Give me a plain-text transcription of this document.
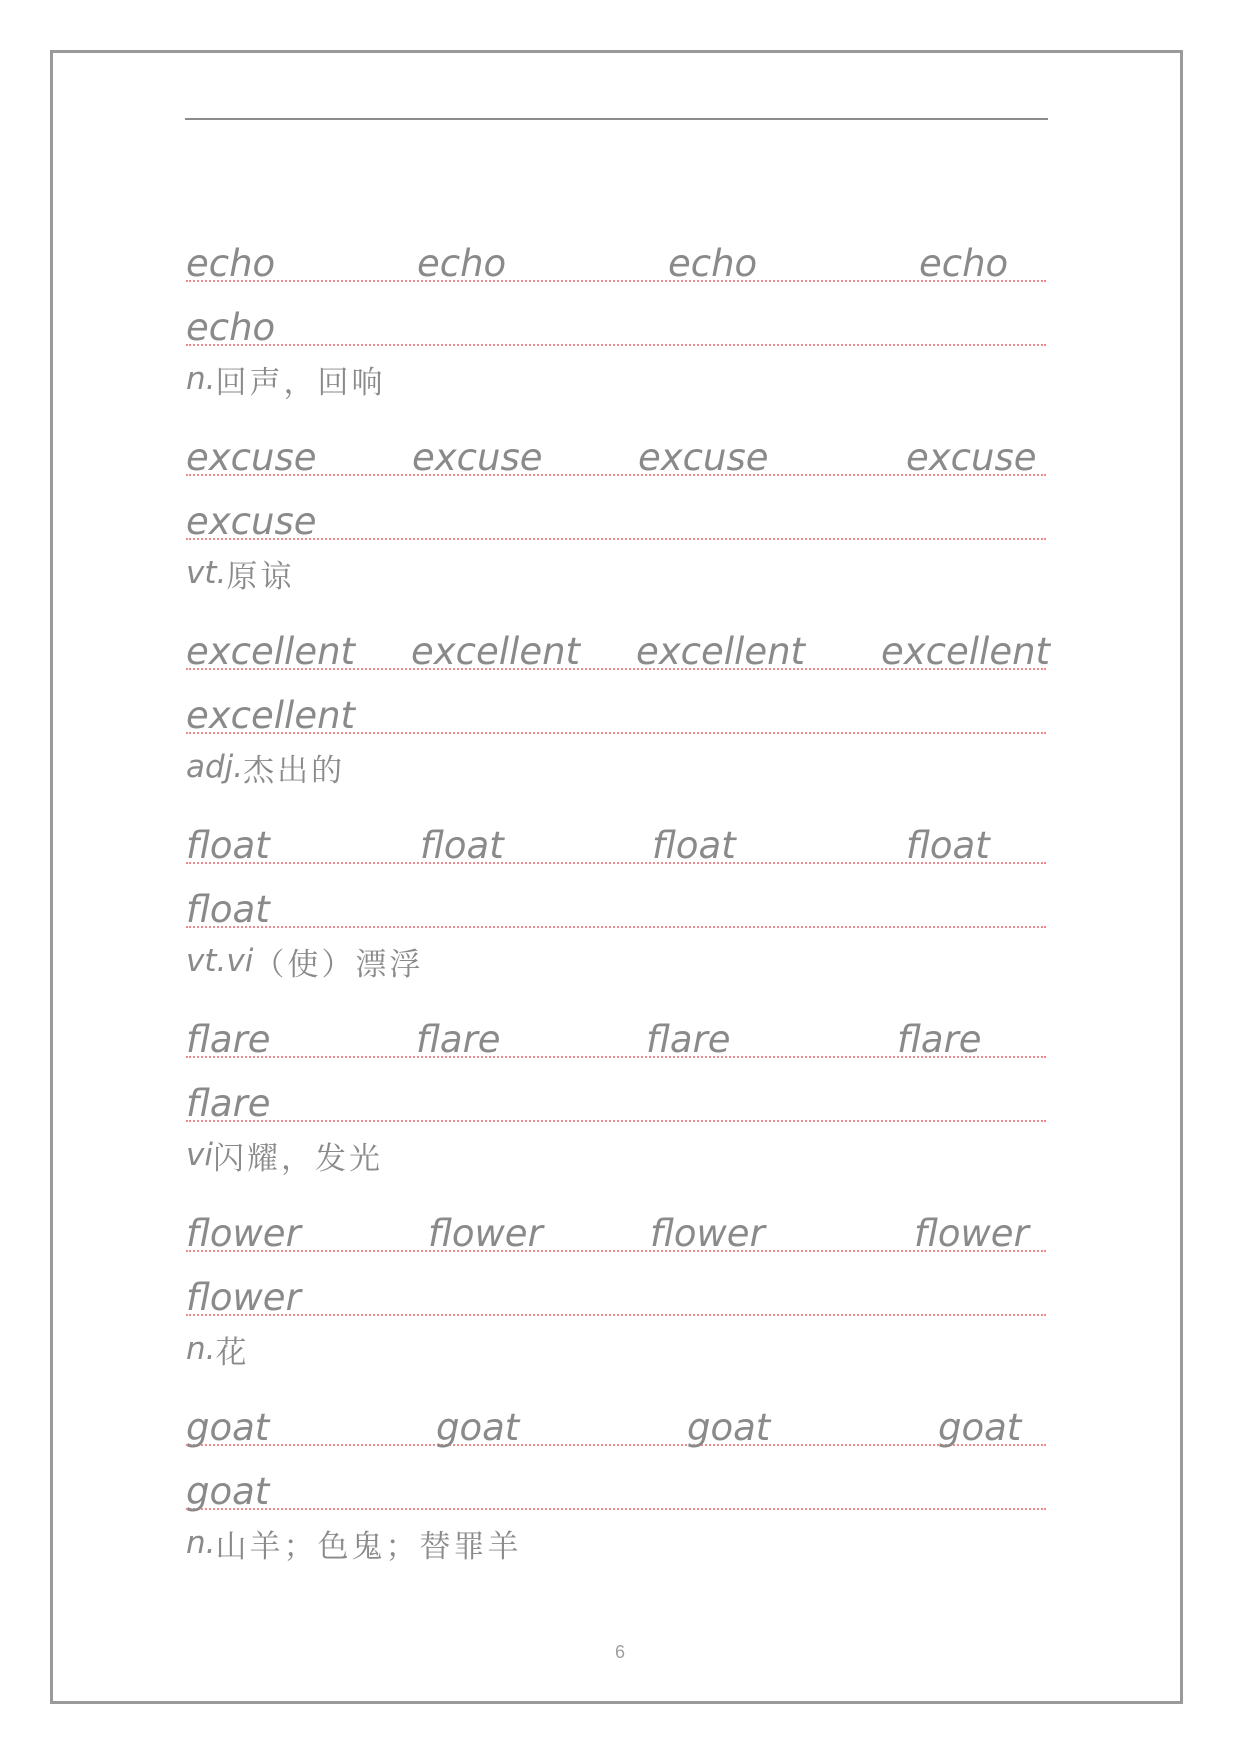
echo	echo	echo	echo
echo
n. 回声，回响
excuse	excuse	excuse	excuse
excuse
vt. 原谅
excellent excellent excellent excellent
excellent
adj. 杰出的
float	float	float	float
float
vt.vi （使）漂浮
flare	flare	flare	flare
flare
vi 闪耀，发光
flower	flower	flower	flower
flower
n. 花
goat	goat	goat	goat
goat
n. 山羊；色鬼；替罪羊
6
